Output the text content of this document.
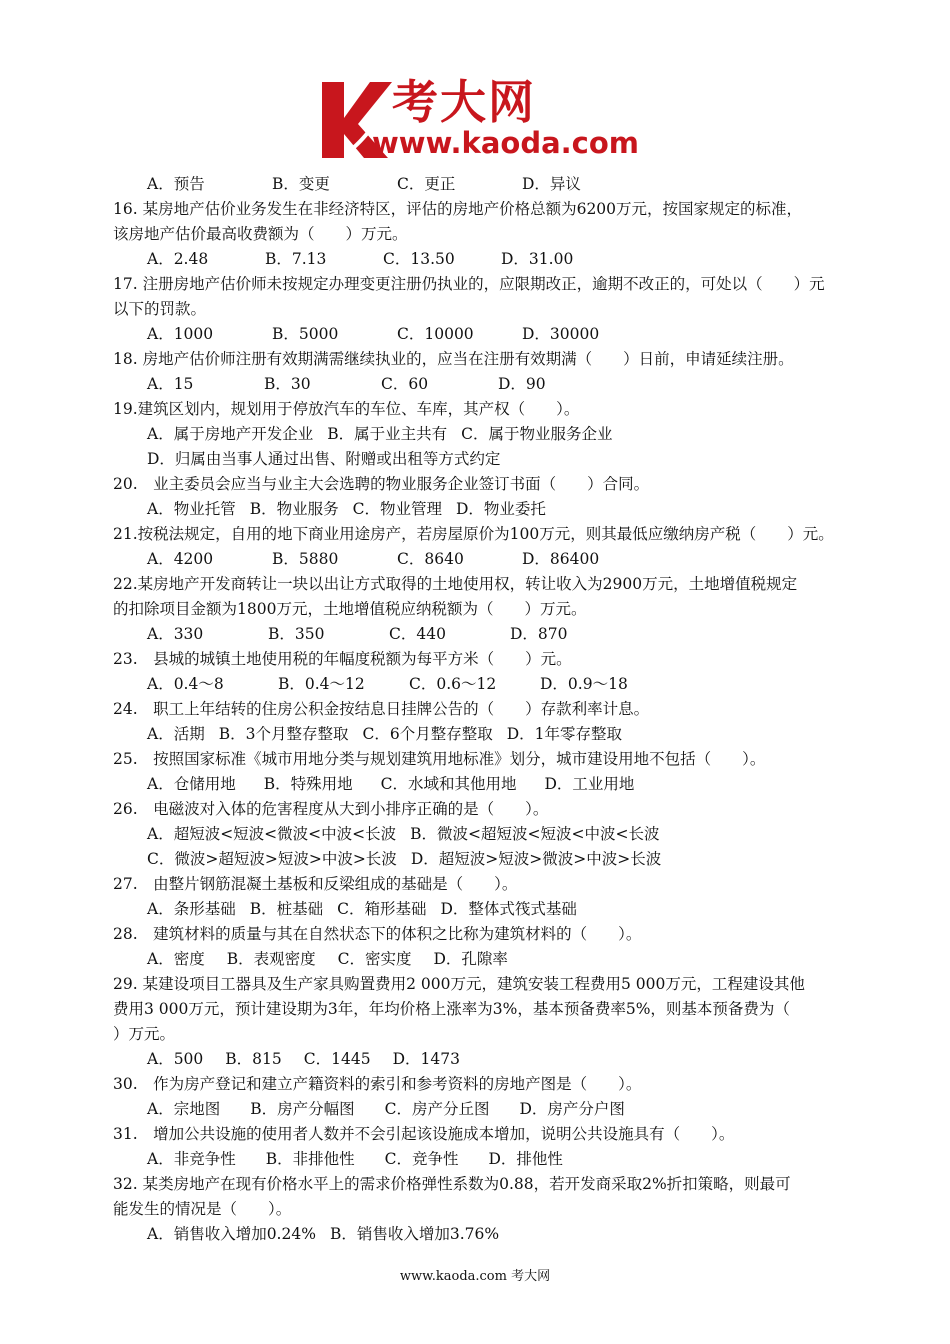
考大网
www.kaoda.com
A．预告	B．变更	C．更正	D．异议
16. 某房地产估价业务发生在非经济特区，评估的房地产价格总额为6200万元，按国家规定的标准，
该房地产估价最高收费额为（　　）万元。
A．2.48	B．7.13	C．13.50	D．31.00
17. 注册房地产估价师未按规定办理变更注册仍执业的，应限期改正，逾期不改正的，可处以（　　）元
以下的罚款。
A．1000	B．5000	C．10000	D．30000
18. 房地产估价师注册有效期满需继续执业的，应当在注册有效期满（　　）日前，申请延续注册。
A．15	B．30	C．60	D．90
19.建筑区划内，规划用于停放汽车的车位、车库，其产权（　　）。
A．属于房地产开发企业 B．属于业主共有 C．属于物业服务企业
D．归属由当事人通过出售、附赠或出租等方式约定
20.　业主委员会应当与业主大会选聘的物业服务企业签订书面（　　）合同。
A．物业托管 B．物业服务 C．物业管理 D．物业委托
21.按税法规定，自用的地下商业用途房产，若房屋原价为100万元，则其最低应缴纳房产税（　　）元。
A．4200	B．5880	C．8640	D．86400
22.某房地产开发商转让一块以出让方式取得的土地使用权，转让收入为2900万元，土地增值税规定
的扣除项目金额为1800万元，土地增值税应纳税额为（　　）万元。
A．330	B．350	C．440	D．870
23.　县城的城镇土地使用税的年幅度税额为每平方米（　　）元。
A．0.4～8	B．0.4～12	C．0.6～12	D．0.9～18
24.　职工上年结转的住房公积金按结息日挂牌公告的（　　）存款利率计息。
A．活期 B．3个月整存整取 C．6个月整存整取 D．1年零存整取
25.　按照国家标准《城市用地分类与规划建筑用地标准》划分，城市建设用地不包括（　　）。
A．仓储用地 B．特殊用地 C．水域和其他用地 D．工业用地
26.　电磁波对入体的危害程度从大到小排序正确的是（　　）。
A．超短波<短波<微波<中波<长波 B．微波<超短波<短波<中波<长波
C．微波>超短波>短波>中波>长波 D．超短波>短波>微波>中波>长波
27.　由整片钢筋混凝土基板和反梁组成的基础是（　　）。
A．条形基础 B．桩基础 C．箱形基础 D．整体式筏式基础
28.　建筑材料的质量与其在自然状态下的体积之比称为建筑材料的（　　）。
A．密度 B．表观密度 C．密实度 D．孔隙率
29. 某建设项目工器具及生产家具购置费用2 000万元，建筑安装工程费用5 000万元，工程建设其他
费用3 000万元，预计建设期为3年，年均价格上涨率为3%，基本预备费率5%，则基本预备费为（
）万元。
A．500 B．815 C．1445 D．1473
30.　作为房产登记和建立产籍资料的索引和参考资料的房地产图是（　　）。
A．宗地图 B．房产分幅图 C．房产分丘图 D．房产分户图
31.　增加公共设施的使用者人数并不会引起该设施成本增加，说明公共设施具有（　　）。
A．非竞争性 B．非排他性 C．竞争性 D．排他性
32. 某类房地产在现有价格水平上的需求价格弹性系数为0.88，若开发商采取2%折扣策略，则最可
能发生的情况是（　　）。
A．销售收入增加0.24% B．销售收入增加3.76%
www.kaoda.com 考大网
